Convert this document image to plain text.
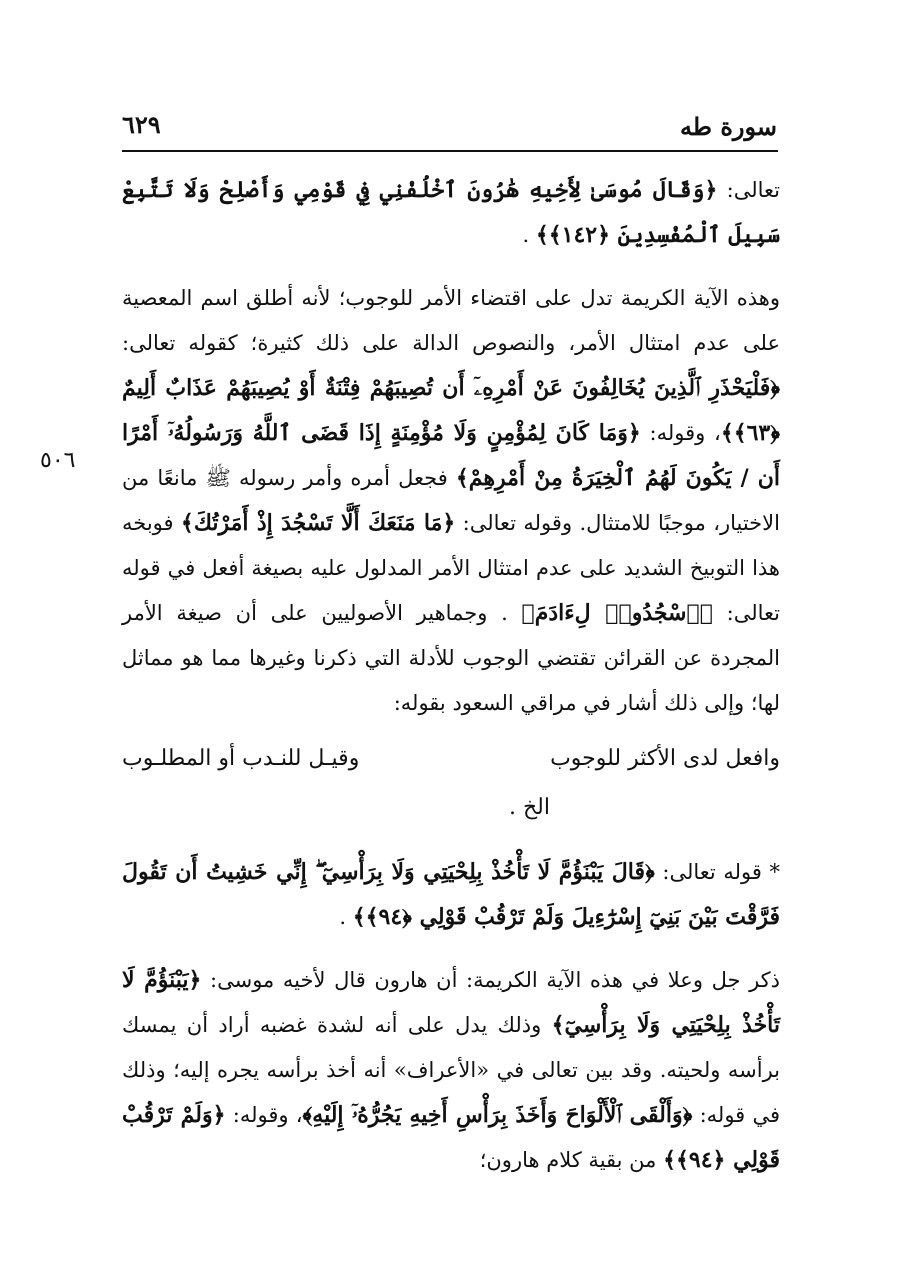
سورة طه
٦٢٩
٥٠٦

تعالى: ﴿وَقَالَ مُوسَىٰ لِأَخِيهِ هَٰرُونَ ٱخْلُفْنِي فِي قَوْمِي وَأَصْلِحْ وَلَا تَتَّبِعْ سَبِيلَ ٱلْمُفْسِدِينَ ﴿١٤٢﴾﴾ .

وهذه الآية الكريمة تدل على اقتضاء الأمر للوجوب؛ لأنه أطلق اسم المعصية على عدم امتثال الأمر، والنصوص الدالة على ذلك كثيرة؛ كقوله تعالى: ﴿فَلْيَحْذَرِ ٱلَّذِينَ يُخَالِفُونَ عَنْ أَمْرِهِۦٓ أَن تُصِيبَهُمْ فِتْنَةٌ أَوْ يُصِيبَهُمْ عَذَابٌ أَلِيمٌ ﴿٦٣﴾﴾، وقوله: ﴿وَمَا كَانَ لِمُؤْمِنٍ وَلَا مُؤْمِنَةٍ إِذَا قَضَى ٱللَّهُ وَرَسُولُهُۥٓ أَمْرًا أَن / يَكُونَ لَهُمُ ٱلْخِيَرَةُ مِنْ أَمْرِهِمْ﴾ فجعل أمره وأمر رسوله ﷺ مانعًا من الاختيار، موجبًا للامتثال. وقوله تعالى: ﴿مَا مَنَعَكَ أَلَّا تَسْجُدَ إِذْ أَمَرْتُكَ﴾ فوبخه هذا التوبيخ الشديد على عدم امتثال الأمر المدلول عليه بصيغة أفعل في قوله تعالى: ﴿ٱسْجُدُوا۟ لِءَادَمَ﴾ . وجماهير الأصوليين على أن صيغة الأمر المجردة عن القرائن تقتضي الوجوب للأدلة التي ذكرنا وغيرها مما هو مماثل لها؛ وإلى ذلك أشار في مراقي السعود بقوله:

وافعل لدى الأكثر للوجوب
وقيـل للنـدب أو المطلـوب
الخ .

* قوله تعالى: ﴿قَالَ يَبْنَؤُمَّ لَا تَأْخُذْ بِلِحْيَتِي وَلَا بِرَأْسِيٓ ۖ إِنِّي خَشِيتُ أَن تَقُولَ فَرَّقْتَ بَيْنَ بَنِيٓ إِسْرَٰٓءِيلَ وَلَمْ تَرْقُبْ قَوْلِي ﴿٩٤﴾﴾ .

ذكر جل وعلا في هذه الآية الكريمة: أن هارون قال لأخيه موسى: ﴿يَبْنَؤُمَّ لَا تَأْخُذْ بِلِحْيَتِي وَلَا بِرَأْسِيٓ﴾ وذلك يدل على أنه لشدة غضبه أراد أن يمسك برأسه ولحيته. وقد بين تعالى في «الأعراف» أنه أخذ برأسه يجره إليه؛ وذلك في قوله: ﴿وَأَلْقَى ٱلْأَلْوَاحَ وَأَخَذَ بِرَأْسِ أَخِيهِ يَجُرُّهُۥٓ إِلَيْهِ﴾، وقوله: ﴿وَلَمْ تَرْقُبْ قَوْلِي ﴿٩٤﴾﴾ من بقية كلام هارون؛
